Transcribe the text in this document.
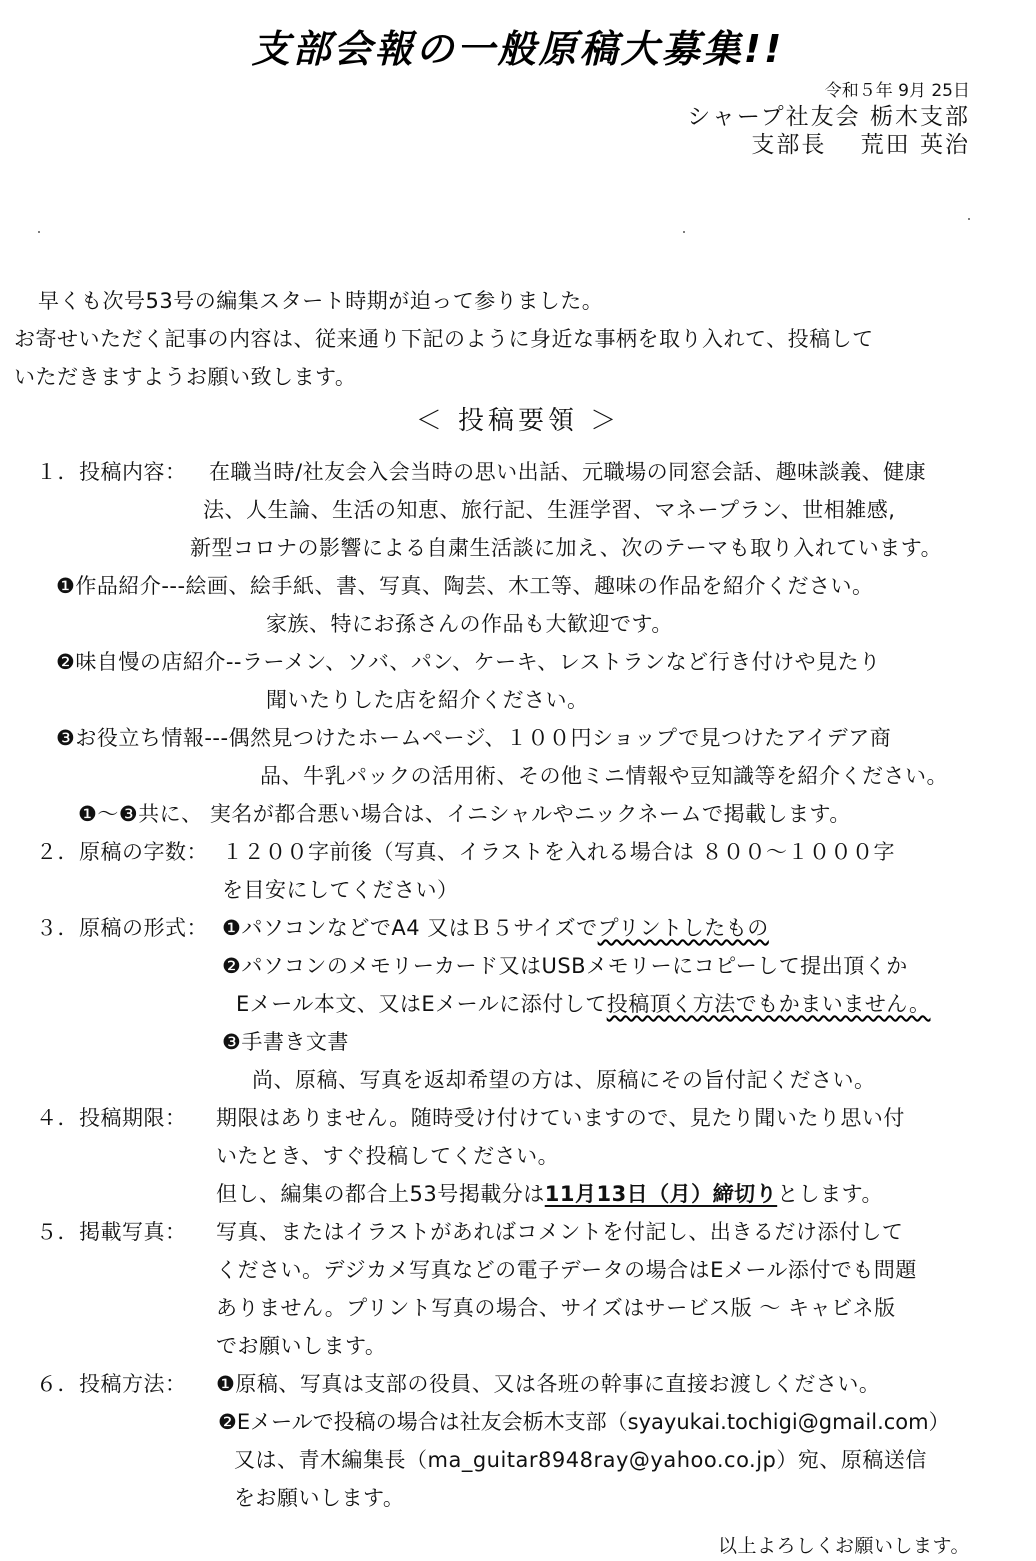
支部会報の一般原稿大募集!!
令和５年 9月 25日
シャープ社友会 栃木支部
支部長　 荒田 英治
早くも次号53号の編集スタート時期が迫って参りました。
お寄せいただく記事の内容は、従来通り下記のように身近な事柄を取り入れて、投稿して
いただきますようお願い致します。
＜ 投稿要領 ＞
１．投稿内容： 在職当時/社友会入会当時の思い出話、元職場の同窓会話、趣味談義、健康
法、人生論、生活の知恵、旅行記、生涯学習、マネープラン、世相雑感,
新型コロナの影響による自粛生活談に加え、次のテーマも取り入れています。
❶作品紹介---絵画、絵手紙、書、写真、陶芸、木工等、趣味の作品を紹介ください。
家族、特にお孫さんの作品も大歓迎です。
❷味自慢の店紹介--ラーメン、ソバ、パン、ケーキ、レストランなど行き付けや見たり
聞いたりした店を紹介ください。
❸お役立ち情報---偶然見つけたホームページ、１００円ショップで見つけたアイデア商
品、牛乳パックの活用術、その他ミニ情報や豆知識等を紹介ください。
❶～❸共に、 実名が都合悪い場合は、イニシャルやニックネームで掲載します。
２．原稿の字数： １２００字前後（写真、イラストを入れる場合は ８００～１０００字
を目安にしてください）
３．原稿の形式： ❶パソコンなどでA4 又はＢ５サイズでプリントしたもの
❷パソコンのメモリーカード又はUSBメモリーにコピーして提出頂くか
Eメール本文、又はEメールに添付して投稿頂く方法でもかまいません。
❸手書き文書
尚、原稿、写真を返却希望の方は、原稿にその旨付記ください。
４．投稿期限： 期限はありません。随時受け付けていますので、見たり聞いたり思い付
いたとき、すぐ投稿してください。
但し、編集の都合上53号掲載分は11月13日（月）締切りとします。
５．掲載写真： 写真、またはイラストがあればコメントを付記し、出きるだけ添付して
ください。デジカメ写真などの電子データの場合はEメール添付でも問題
ありません。プリント写真の場合、サイズはサービス版 ～ キャビネ版
でお願いします。
６．投稿方法： ❶原稿、写真は支部の役員、又は各班の幹事に直接お渡しください。
❷Eメールで投稿の場合は社友会栃木支部（syayukai.tochigi@gmail.com）
又は、青木編集長（ma_guitar8948ray@yahoo.co.jp）宛、原稿送信
をお願いします。
以上よろしくお願いします。
